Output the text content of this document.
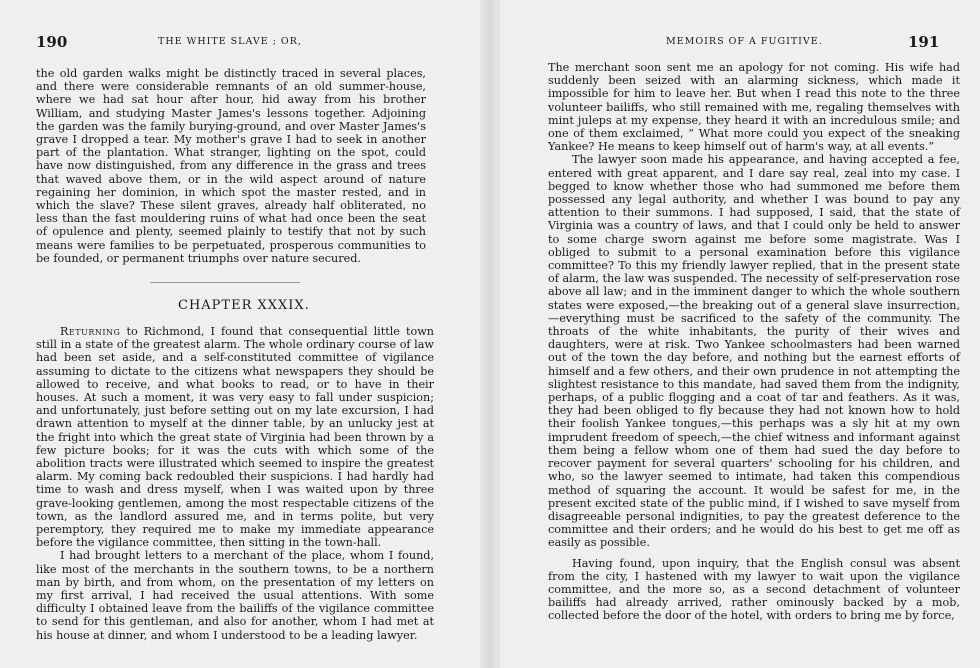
190	THE WHITE SLAVE ; OR,

the old garden walks might be distinctly traced in several places, and there were considerable remnants of an old summer-house, where we had sat hour after hour, hid away from his brother William, and studying Master James's lessons together. Adjoining the garden was the family burying-ground, and over Master James's grave I dropped a tear. My mother's grave I had to seek in another part of the plantation. What stranger, lighting on the spot, could have now distinguished, from any difference in the grass and trees that waved above them, or in the wild aspect around of nature regaining her dominion, in which spot the master rested, and in which the slave? These silent graves, already half obliterated, no less than the fast mouldering ruins of what had once been the seat of opulence and plenty, seemed plainly to testify that not by such means were families to be perpetuated, prosperous communities to be founded, or permanent triumphs over nature secured.

CHAPTER XXXIX.

Returning to Richmond, I found that consequential little town still in a state of the greatest alarm. The whole ordinary course of law had been set aside, and a self-constituted committee of vigilance assuming to dictate to the citizens what newspapers they should be allowed to receive, and what books to read, or to have in their houses. At such a moment, it was very easy to fall under suspicion; and unfortunately, just before setting out on my late excursion, I had drawn attention to myself at the dinner table, by an unlucky jest at the fright into which the great state of Virginia had been thrown by a few picture books; for it was the cuts with which some of the abolition tracts were illustrated which seemed to inspire the greatest alarm. My coming back redoubled their suspicions. I had hardly had time to wash and dress myself, when I was waited upon by three grave-looking gentlemen, among the most respectable citizens of the town, as the landlord assured me, and in terms polite, but very peremptory, they required me to make my immediate appearance before the vigilance committee, then sitting in the town-hall.

I had brought letters to a merchant of the place, whom I found, like most of the merchants in the southern towns, to be a northern man by birth, and from whom, on the presentation of my letters on my first arrival, I had received the usual attentions. With some difficulty I obtained leave from the bailiffs of the vigilance committee to send for this gentleman, and also for another, whom I had met at his house at dinner, and whom I understood to be a leading lawyer.

MEMOIRS OF A FUGITIVE.	191

The merchant soon sent me an apology for not coming. His wife had suddenly been seized with an alarming sickness, which made it impossible for him to leave her. But when I read this note to the three volunteer bailiffs, who still remained with me, regaling themselves with mint juleps at my expense, they heard it with an incredulous smile; and one of them exclaimed, “ What more could you expect of the sneaking Yankee? He means to keep himself out of harm's way, at all events.”

The lawyer soon made his appearance, and having accepted a fee, entered with great apparent, and I dare say real, zeal into my case. I begged to know whether those who had summoned me before them possessed any legal authority, and whether I was bound to pay any attention to their summons. I had supposed, I said, that the state of Virginia was a country of laws, and that I could only be held to answer to some charge sworn against me before some magistrate. Was I obliged to submit to a personal examination before this vigilance committee? To this my friendly lawyer replied, that in the present state of alarm, the law was suspended. The necessity of self-preservation rose above all law; and in the imminent danger to which the whole southern states were exposed,—the breaking out of a general slave insurrection,—everything must be sacrificed to the safety of the community. The throats of the white inhabitants, the purity of their wives and daughters, were at risk. Two Yankee schoolmasters had been warned out of the town the day before, and nothing but the earnest efforts of himself and a few others, and their own prudence in not attempting the slightest resistance to this mandate, had saved them from the indignity, perhaps, of a public flogging and a coat of tar and feathers. As it was, they had been obliged to fly because they had not known how to hold their foolish Yankee tongues,—this perhaps was a sly hit at my own imprudent freedom of speech,—the chief witness and informant against them being a fellow whom one of them had sued the day before to recover payment for several quarters' schooling for his children, and who, so the lawyer seemed to intimate, had taken this compendious method of squaring the account. It would be safest for me, in the present excited state of the public mind, if I wished to save myself from disagreeable personal indignities, to pay the greatest deference to the committee and their orders; and he would do his best to get me off as easily as possible.

Having found, upon inquiry, that the English consul was absent from the city, I hastened with my lawyer to wait upon the vigilance committee, and the more so, as a second detachment of volunteer bailiffs had already arrived, rather ominously backed by a mob, collected before the door of the hotel, with orders to bring me by force,
